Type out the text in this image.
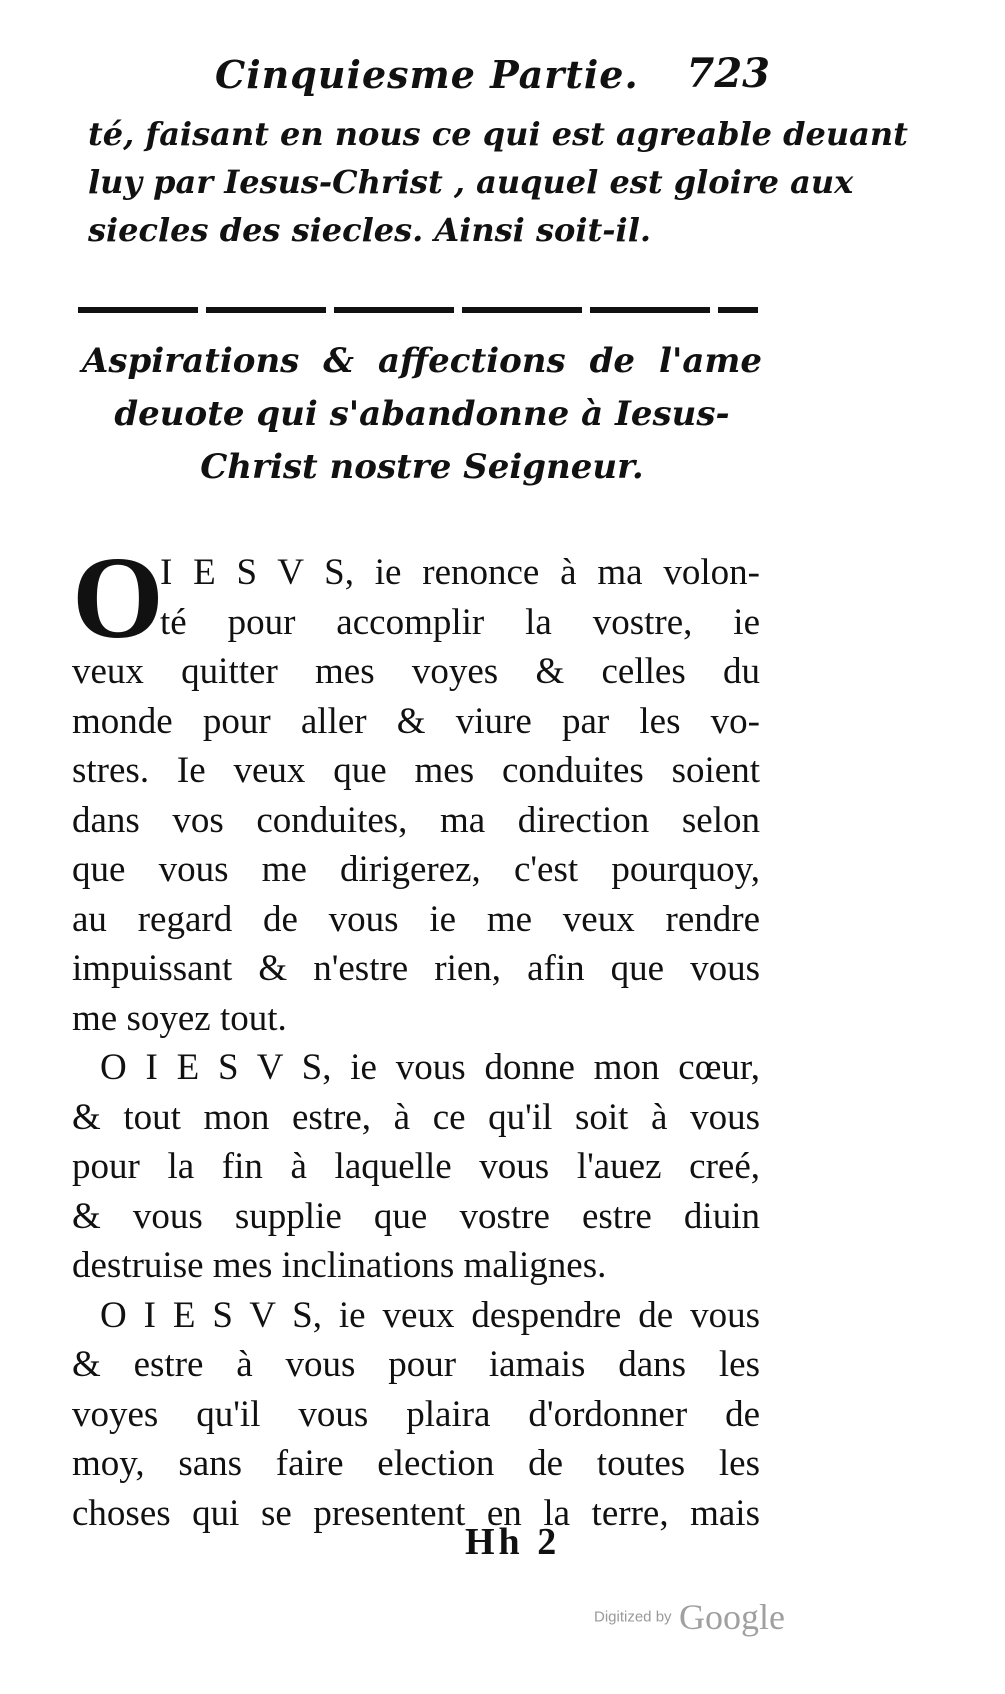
Cinquiesme Partie. 723
té, faisant en nous ce qui est agreable deuant
luy par Iesus-Christ , auquel est gloire aux
siecles des siecles. Ainsi soit-il.
Aspirations & affections de l'ame
deuote qui s'abandonne à Iesus-
Christ nostre Seigneur.
O
I E S V S, ie renonce à ma volon-
té pour accomplir la vostre, ie
veux quitter mes voyes & celles du
monde pour aller & viure par les vo-
stres. Ie veux que mes conduites soient
dans vos conduites, ma direction selon
que vous me dirigerez, c'est pourquoy,
au regard de vous ie me veux rendre
impuissant & n'estre rien, afin que vous
me soyez tout.
O I E S V S, ie vous donne mon cœur,
& tout mon estre, à ce qu'il soit à vous
pour la fin à laquelle vous l'auez creé,
& vous supplie que vostre estre diuin
destruise mes inclinations malignes.
O I E S V S, ie veux despendre de vous
& estre à vous pour iamais dans les
voyes qu'il vous plaira d'ordonner de
moy, sans faire election de toutes les
choses qui se presentent en la terre, mais
Hh 2
Digitized by Google
